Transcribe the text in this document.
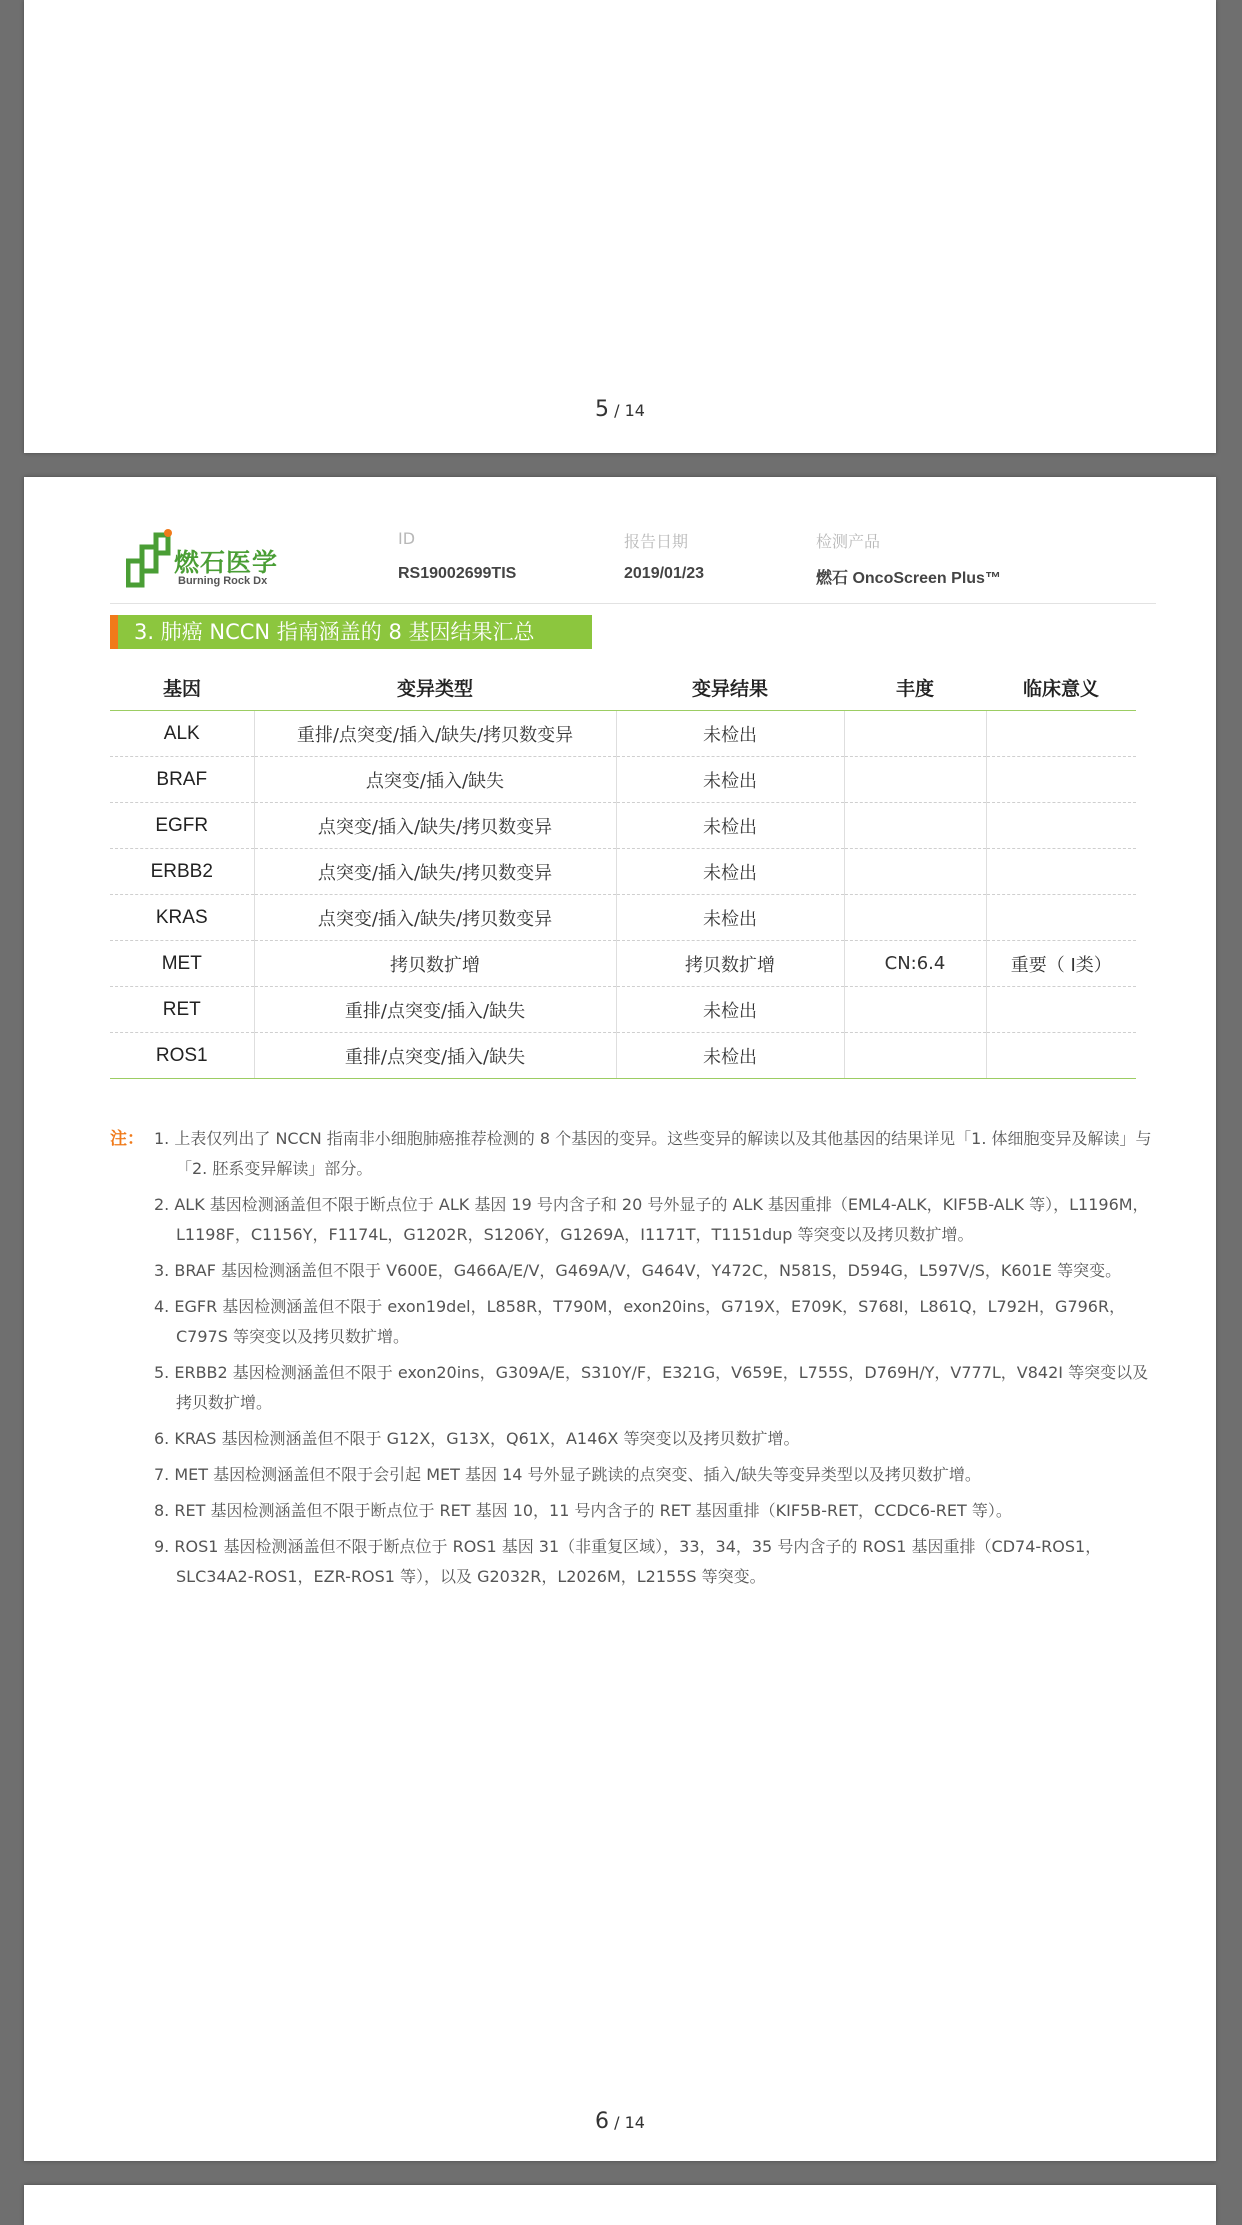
5 / 14
燃石医学
Burning Rock Dx
ID
RS19002699TIS
报告日期
2019/01/23
检测产品
燃石 OncoScreen Plus™
3. 肺癌 NCCN 指南涵盖的 8 基因结果汇总
基因	变异类型	变异结果	丰度	临床意义
ALK	重排/点突变/插入/缺失/拷贝数变异	未检出		
BRAF	点突变/插入/缺失	未检出		
EGFR	点突变/插入/缺失/拷贝数变异	未检出		
ERBB2	点突变/插入/缺失/拷贝数变异	未检出		
KRAS	点突变/插入/缺失/拷贝数变异	未检出		
MET	拷贝数扩增	拷贝数扩增	CN:6.4	重要（ Ⅰ类）
RET	重排/点突变/插入/缺失	未检出		
ROS1	重排/点突变/插入/缺失	未检出		
注： 1. 上表仅列出了 NCCN 指南非小细胞肺癌推荐检测的 8 个基因的变异。这些变异的解读以及其他基因的结果详见「1. 体细胞变异及解读」与「2. 胚系变异解读」部分。
2. ALK 基因检测涵盖但不限于断点位于 ALK 基因 19 号内含子和 20 号外显子的 ALK 基因重排（EML4-ALK，KIF5B-ALK 等），L1196M，L1198F，C1156Y，F1174L，G1202R，S1206Y，G1269A，I1171T，T1151dup 等突变以及拷贝数扩增。
3. BRAF 基因检测涵盖但不限于 V600E，G466A/E/V，G469A/V，G464V，Y472C，N581S，D594G，L597V/S，K601E 等突变。
4. EGFR 基因检测涵盖但不限于 exon19del，L858R，T790M，exon20ins，G719X，E709K，S768I，L861Q，L792H，G796R，C797S 等突变以及拷贝数扩增。
5. ERBB2 基因检测涵盖但不限于 exon20ins，G309A/E，S310Y/F，E321G，V659E，L755S，D769H/Y，V777L，V842I 等突变以及拷贝数扩增。
6. KRAS 基因检测涵盖但不限于 G12X，G13X，Q61X，A146X 等突变以及拷贝数扩增。
7. MET 基因检测涵盖但不限于会引起 MET 基因 14 号外显子跳读的点突变、插入/缺失等变异类型以及拷贝数扩增。
8. RET 基因检测涵盖但不限于断点位于 RET 基因 10，11 号内含子的 RET 基因重排（KIF5B-RET，CCDC6-RET 等）。
9. ROS1 基因检测涵盖但不限于断点位于 ROS1 基因 31（非重复区域），33，34，35 号内含子的 ROS1 基因重排（CD74-ROS1，SLC34A2-ROS1，EZR-ROS1 等），以及 G2032R，L2026M，L2155S 等突变。
6 / 14
